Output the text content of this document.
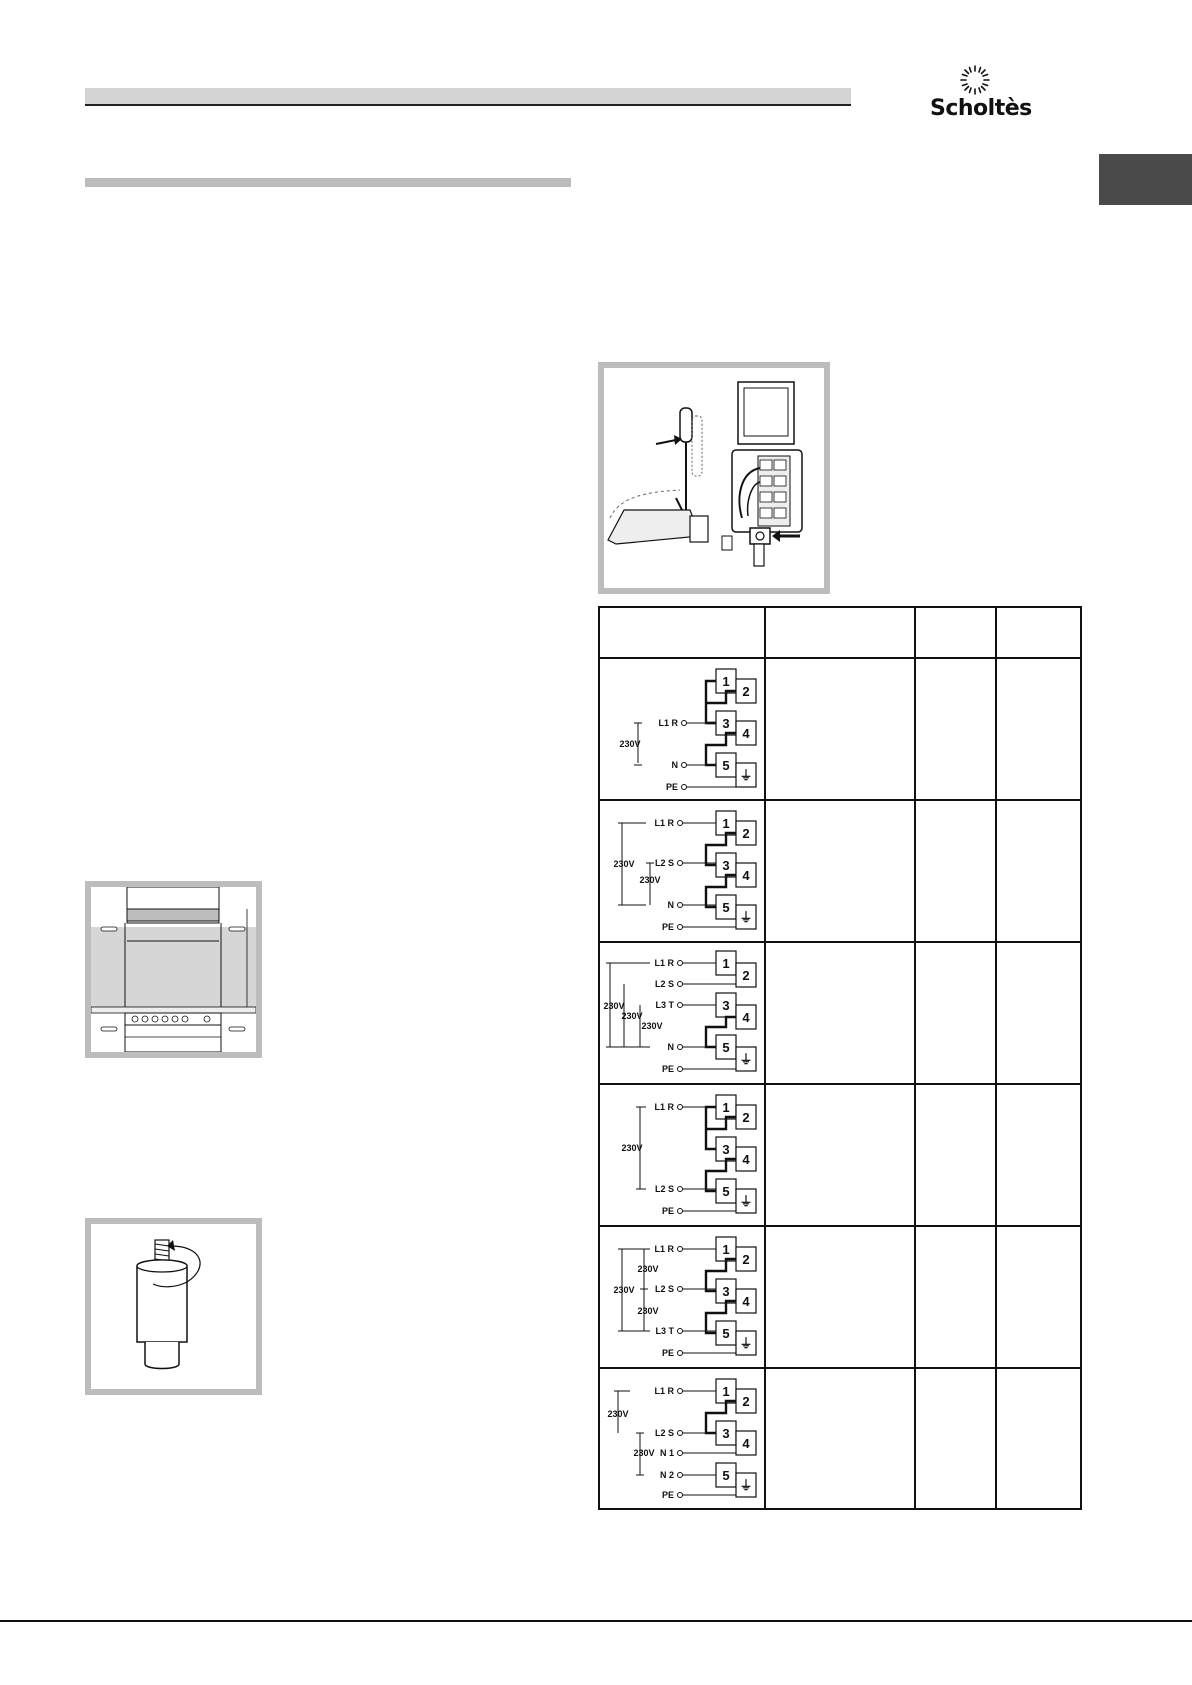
Scholtès
1
2
3
4
5
⏚
L1 R
N
PE
230V
1
2
3
4
5
⏚
L1 R
L2 S
N
PE
230V
230V
1
2
3
4
5
⏚
L1 R
L2 S
L3 T
N
PE
230V
230V
230V
1
2
3
4
5
⏚
L1 R
L2 S
PE
230V
1
2
3
4
5
⏚
L1 R
L2 S
L3 T
PE
230V
230V
230V
1
2
3
4
5
⏚
L1 R
L2 S
N 1
N 2
PE
230V
230V
